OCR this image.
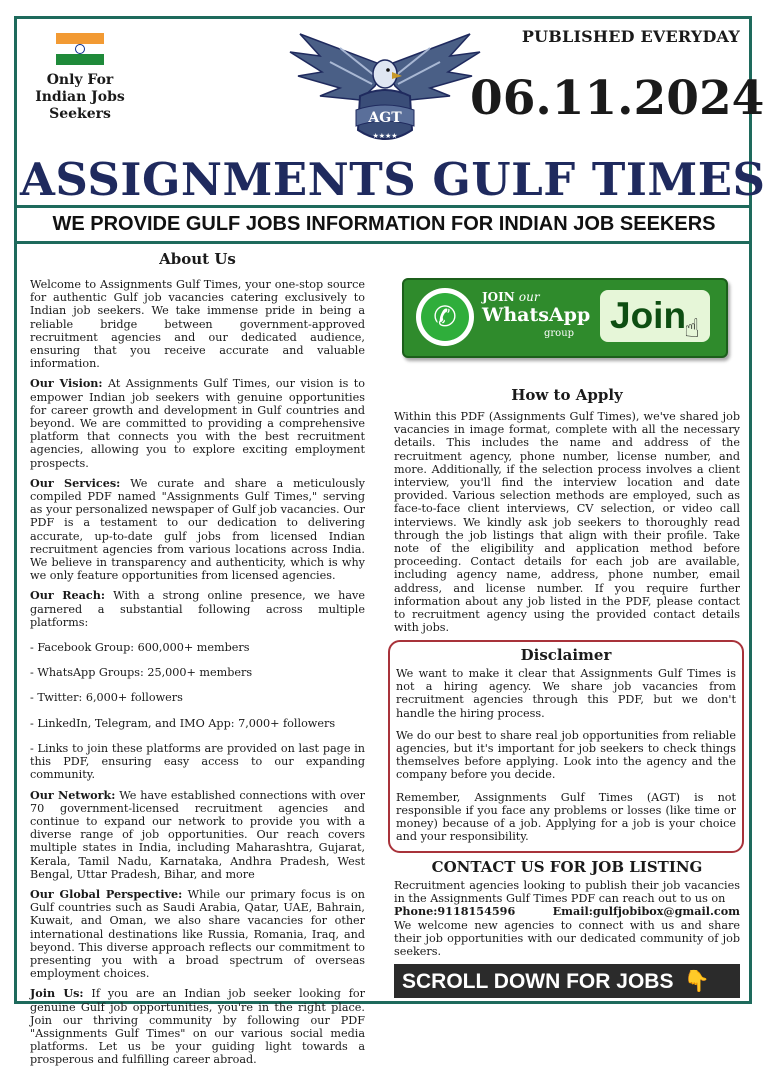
Only For Indian Jobs Seekers	AGT
★★★★
PUBLISHED EVERYDAY
06.11.2024
ASSIGNMENTS GULF TIMES
WE PROVIDE GULF JOBS INFORMATION FOR INDIAN JOB SEEKERS
About Us

Welcome to Assignments Gulf Times, your one-stop source for authentic Gulf job vacancies catering exclusively to Indian job seekers. We take immense pride in being a reliable bridge between government-approved recruitment agencies and our dedicated audience, ensuring that you receive accurate and valuable information.

Our Vision: At Assignments Gulf Times, our vision is to empower Indian job seekers with genuine opportunities for career growth and development in Gulf countries and beyond. We are committed to providing a comprehensive platform that connects you with the best recruitment agencies, allowing you to explore exciting employment prospects.

Our Services: We curate and share a meticulously compiled PDF named "Assignments Gulf Times," serving as your personalized newspaper of Gulf job vacancies. Our PDF is a testament to our dedication to delivering accurate, up-to-date gulf jobs from licensed Indian recruitment agencies from various locations across India. We believe in transparency and authenticity, which is why we only feature opportunities from licensed agencies.

Our Reach: With a strong online presence, we have garnered a substantial following across multiple platforms:

- Facebook Group: 600,000+ members

- WhatsApp Groups: 25,000+ members

- Twitter: 6,000+ followers

- LinkedIn, Telegram, and IMO App: 7,000+ followers

- Links to join these platforms are provided on last page in this PDF, ensuring easy access to our expanding community.

Our Network: We have established connections with over 70 government-licensed recruitment agencies and continue to expand our network to provide you with a diverse range of job opportunities. Our reach covers multiple states in India, including Maharashtra, Gujarat, Kerala, Tamil Nadu, Karnataka, Andhra Pradesh, West Bengal, Uttar Pradesh, Bihar, and more

Our Global Perspective: While our primary focus is on Gulf countries such as Saudi Arabia, Qatar, UAE, Bahrain, Kuwait, and Oman, we also share vacancies for other international destinations like Russia, Romania, Iraq, and beyond. This diverse approach reflects our commitment to presenting you with a broad spectrum of overseas employment choices.

Join Us: If you are an Indian job seeker looking for genuine Gulf job opportunities, you're in the right place. Join our thriving community by following our PDF "Assignments Gulf Times" on our various social media platforms. Let us be your guiding light towards a prosperous and fulfilling career abroad.

✆
JOIN our
WhatsApp
group Join
☝
How to Apply
Within this PDF (Assignments Gulf Times), we've shared job vacancies in image format, complete with all the necessary details. This includes the name and address of the recruitment agency, phone number, license number, and more. Additionally, if the selection process involves a client interview, you'll find the interview location and date provided. Various selection methods are employed, such as face-to-face client interviews, CV selection, or video call interviews. We kindly ask job seekers to thoroughly read through the job listings that align with their profile. Take note of the eligibility and application method before proceeding. Contact details for each job are available, including agency name, address, phone number, email address, and license number. If you require further information about any job listed in the PDF, please contact to recruitment agency using the provided contact details with jobs.
Disclaimer

We want to make it clear that Assignments Gulf Times is not a hiring agency. We share job vacancies from recruitment agencies through this PDF, but we don't handle the hiring process.

We do our best to share real job opportunities from reliable agencies, but it's important for job seekers to check things themselves before applying. Look into the agency and the company before you decide.

Remember, Assignments Gulf Times (AGT) is not responsible if you face any problems or losses (like time or money) because of a job. Applying for a job is your choice and your responsibility.

CONTACT US FOR JOB LISTING
Recruitment agencies looking to publish their job vacancies in the Assignments Gulf Times PDF can reach out to us on
Phone:9118154596	Email:gulfjobibox@gmail.com
We welcome new agencies to connect with us and share their job opportunities with our dedicated community of job seekers.
SCROLL DOWN FOR JOBS 👇
